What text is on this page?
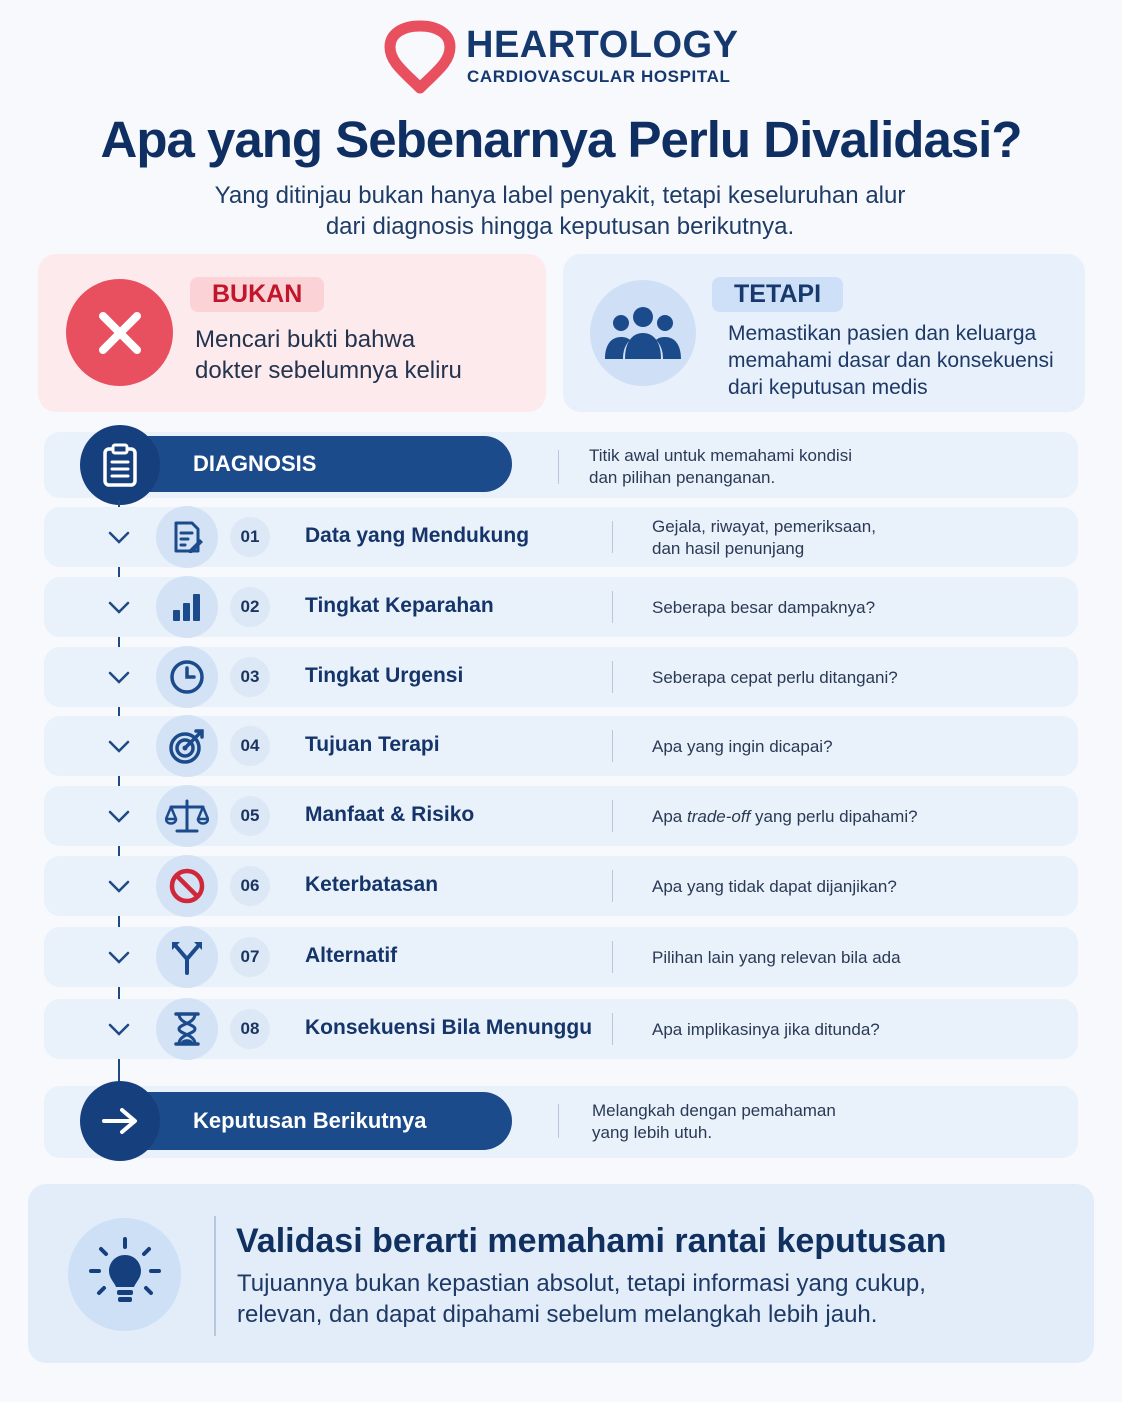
HEARTOLOGY
CARDIOVASCULAR HOSPITAL
Apa yang Sebenarnya Perlu Divalidasi?
Yang ditinjau bukan hanya label penyakit, tetapi keseluruhan alur
dari diagnosis hingga keputusan berikutnya.
BUKAN
Mencari bukti bahwa
dokter sebelumnya keliru
TETAPI
Memastikan pasien dan keluarga
memahami dasar dan konsekuensi
dari keputusan medis
DIAGNOSIS	Titik awal untuk memahami kondisi
dan pilihan penanganan.
01	Data yang Mendukung	Gejala, riwayat, pemeriksaan,
dan hasil penunjang
02	Tingkat Keparahan	Seberapa besar dampaknya?
03	Tingkat Urgensi	Seberapa cepat perlu ditangani?
04	Tujuan Terapi	Apa yang ingin dicapai?
05	Manfaat & Risiko	Apa trade-off yang perlu dipahami?
06	Keterbatasan	Apa yang tidak dapat dijanjikan?
07	Alternatif	Pilihan lain yang relevan bila ada
08	Konsekuensi Bila Menunggu	Apa implikasinya jika ditunda?
Keputusan Berikutnya	Melangkah dengan pemahaman
yang lebih utuh.
Validasi berarti memahami rantai keputusan
Tujuannya bukan kepastian absolut, tetapi informasi yang cukup,
relevan, dan dapat dipahami sebelum melangkah lebih jauh.
